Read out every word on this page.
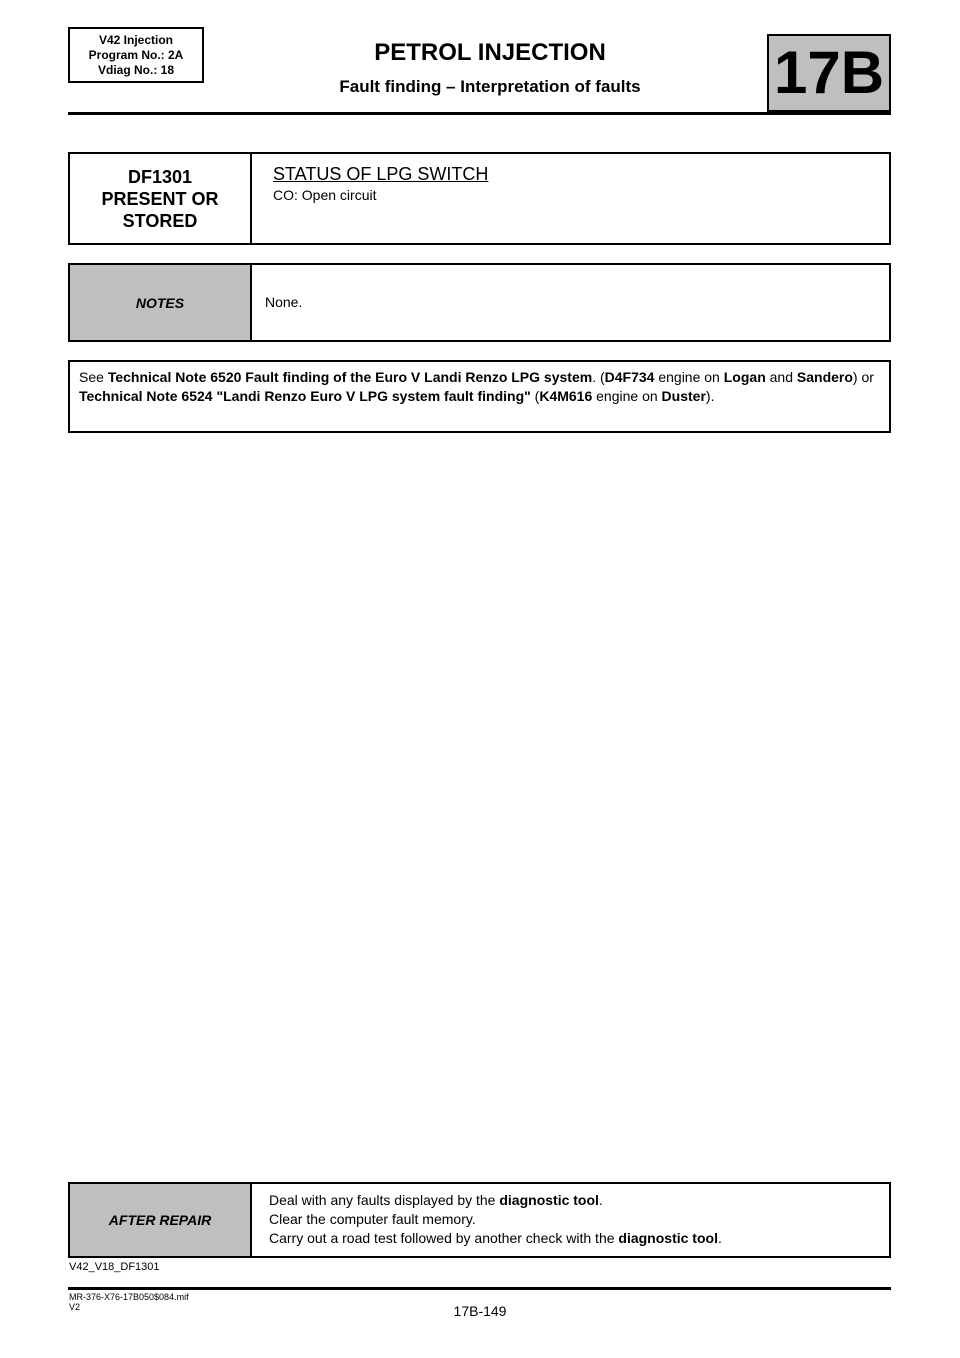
V42 Injection
Program No.: 2A
Vdiag No.: 18
PETROL INJECTION
Fault finding – Interpretation of faults	17B
DF1301
PRESENT OR
STORED
STATUS OF LPG SWITCH
CO: Open circuit
NOTES	None.
See Technical Note 6520 Fault finding of the Euro V Landi Renzo LPG system. (D4F734 engine on Logan and Sandero) or Technical Note 6524 "Landi Renzo Euro V LPG system fault finding" (K4M616 engine on Duster).
AFTER REPAIR
Deal with any faults displayed by the diagnostic tool.
Clear the computer fault memory.
Carry out a road test followed by another check with the diagnostic tool.
V42_V18_DF1301
MR-376-X76-17B050$084.mif
V2	17B-149
